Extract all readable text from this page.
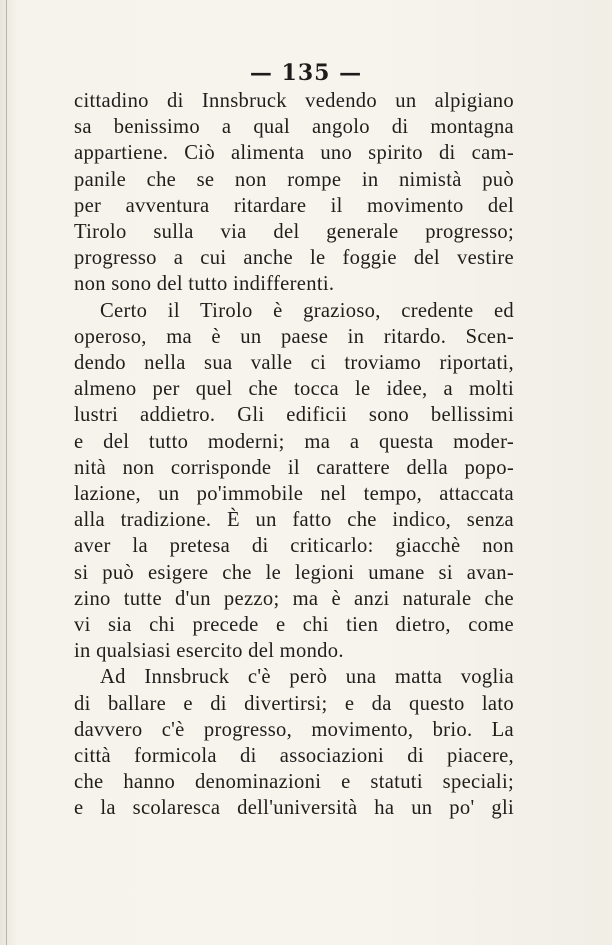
— 135 —
cittadino di Innsbruck vedendo un alpigiano
sa benissimo a qual angolo di montagna
appartiene. Ciò alimenta uno spirito di cam-
panile che se non rompe in nimistà può
per avventura ritardare il movimento del
Tirolo sulla via del generale progresso;
progresso a cui anche le foggie del vestire
non sono del tutto indifferenti.
Certo il Tirolo è grazioso, credente ed
operoso, ma è un paese in ritardo. Scen-
dendo nella sua valle ci troviamo riportati,
almeno per quel che tocca le idee, a molti
lustri addietro. Gli edificii sono bellissimi
e del tutto moderni; ma a questa moder-
nità non corrisponde il carattere della popo-
lazione, un po'immobile nel tempo, attaccata
alla tradizione. È un fatto che indico, senza
aver la pretesa di criticarlo: giacchè non
si può esigere che le legioni umane si avan-
zino tutte d'un pezzo; ma è anzi naturale che
vi sia chi precede e chi tien dietro, come
in qualsiasi esercito del mondo.
Ad Innsbruck c'è però una matta voglia
di ballare e di divertirsi; e da questo lato
davvero c'è progresso, movimento, brio. La
città formicola di associazioni di piacere,
che hanno denominazioni e statuti speciali;
e la scolaresca dell'università ha un po' gli
